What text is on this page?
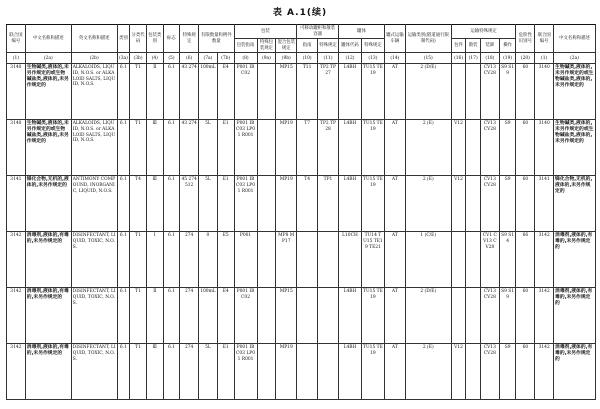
表 A.1(续)
联合国编号	中文名称和描述	英文名称和描述	类别	分类代码	包装类别	标志	特殊规定	有限数量和例外数量		包装			可移动罐柜和散装容器		罐体		罐式运输车辆	运输类别(隧道通行限制代码)	运输特殊规定				危险性识别号	联合国编号	中文名称和描述
										包装指南	特殊包装规定	混合包装规定	指南	特殊规定	罐体代码	特殊规定			包件	散装	装卸	操作			
(1)	(2a)	(2b)	(3a)	(3b)	(4)	(5)	(6)	(7a)	(7b)	(8)	(9a)	(9b)	(10)	(11)	(12)	(13)	(14)	(15)	(16)	(17)	(18)	(19)	(20)	(1)	(2a)
3140	生物碱类,液体的,未另作规定的或生物碱盐类,液体的,未另作规定的	ALKALOIDS, LIQUID, N.O.S. or ALKALOID SALTS, LIQUID, N.O.S.	6.1	T1	Ⅱ	6.1	43 274	100mL	E4	P001 IBC02		MP15	T11	TP2 TP27	L4BH	TU15 TE19	AT	2 (D/E)			CV13 CV28	S9 S19	60	3140	生物碱类,液体的,未另作规定的或生物碱盐类,液体的,未另作规定的
3140	生物碱类,液体的,未另作规定的或生物碱盐类,液体的,未另作规定的	ALKALOIDS, LIQUID, N.O.S. or ALKALOID SALTS, LIQUID, N.O.S.	6.1	T1	Ⅲ	6.1	43 274	5L	E1	P001 IBC03 LP01 R001		MP19	T7	TP2 TP28	L4BH	TU15 TE19	AT	2 (E)	V12		CV13 CV28	S9	60	3140	生物碱类,液体的,未另作规定的或生物碱盐类,液体的,未另作规定的
3141	锑化合物,无机的,液体的,未另作规定的	ANTIMONY COMPOUND, INORGANIC, LIQUID, N.O.S.	6.1	T4	Ⅲ	6.1	45 274 512	5L	E1	P001 IBC03 LP01 R001		MP19	T4	TP1	L4BH	TU15 TE19	AT	2 (E)	V12		CV13 CV28	S9	60	3141	锑化合物,无机的,液体的,未另作规定的
3142	消毒剂,液体的,有毒的,未另作规定的	DISINFECTANT, LIQUID, TOXIC, N.O.S.	6.1	T1	Ⅰ	6.1	274	0	E5	P001		MP8 MP17			L10CH	TU14 TU15 TE19 TE21	AT	1 (C/E)			CV1 CV13 CV28	S9 S14	66	3142	消毒剂,液体的,有毒的,未另作规定的
3142	消毒剂,液体的,有毒的,未另作规定的	DISINFECTANT, LIQUID, TOXIC, N.O.S.	6.1	T1	Ⅱ	6.1	274	100mL	E4	P001 IBC02		MP15			L4BH	TU15 TE19	AT	2 (D/E)			CV13 CV28	S9 S19	60	3142	消毒剂,液体的,有毒的,未另作规定的
3142	消毒剂,液体的,有毒的,未另作规定的	DISINFECTANT, LIQUID, TOXIC, N.O.S.	6.1	T1	Ⅲ	6.1	274	5L	E1	P001 IBC03 LP01 R001		MP19			L4BH	TU15 TE19	AT	2 (E)	V12		CV13 CV28	S9	60	3142	消毒剂,液体的,有毒的,未另作规定的
